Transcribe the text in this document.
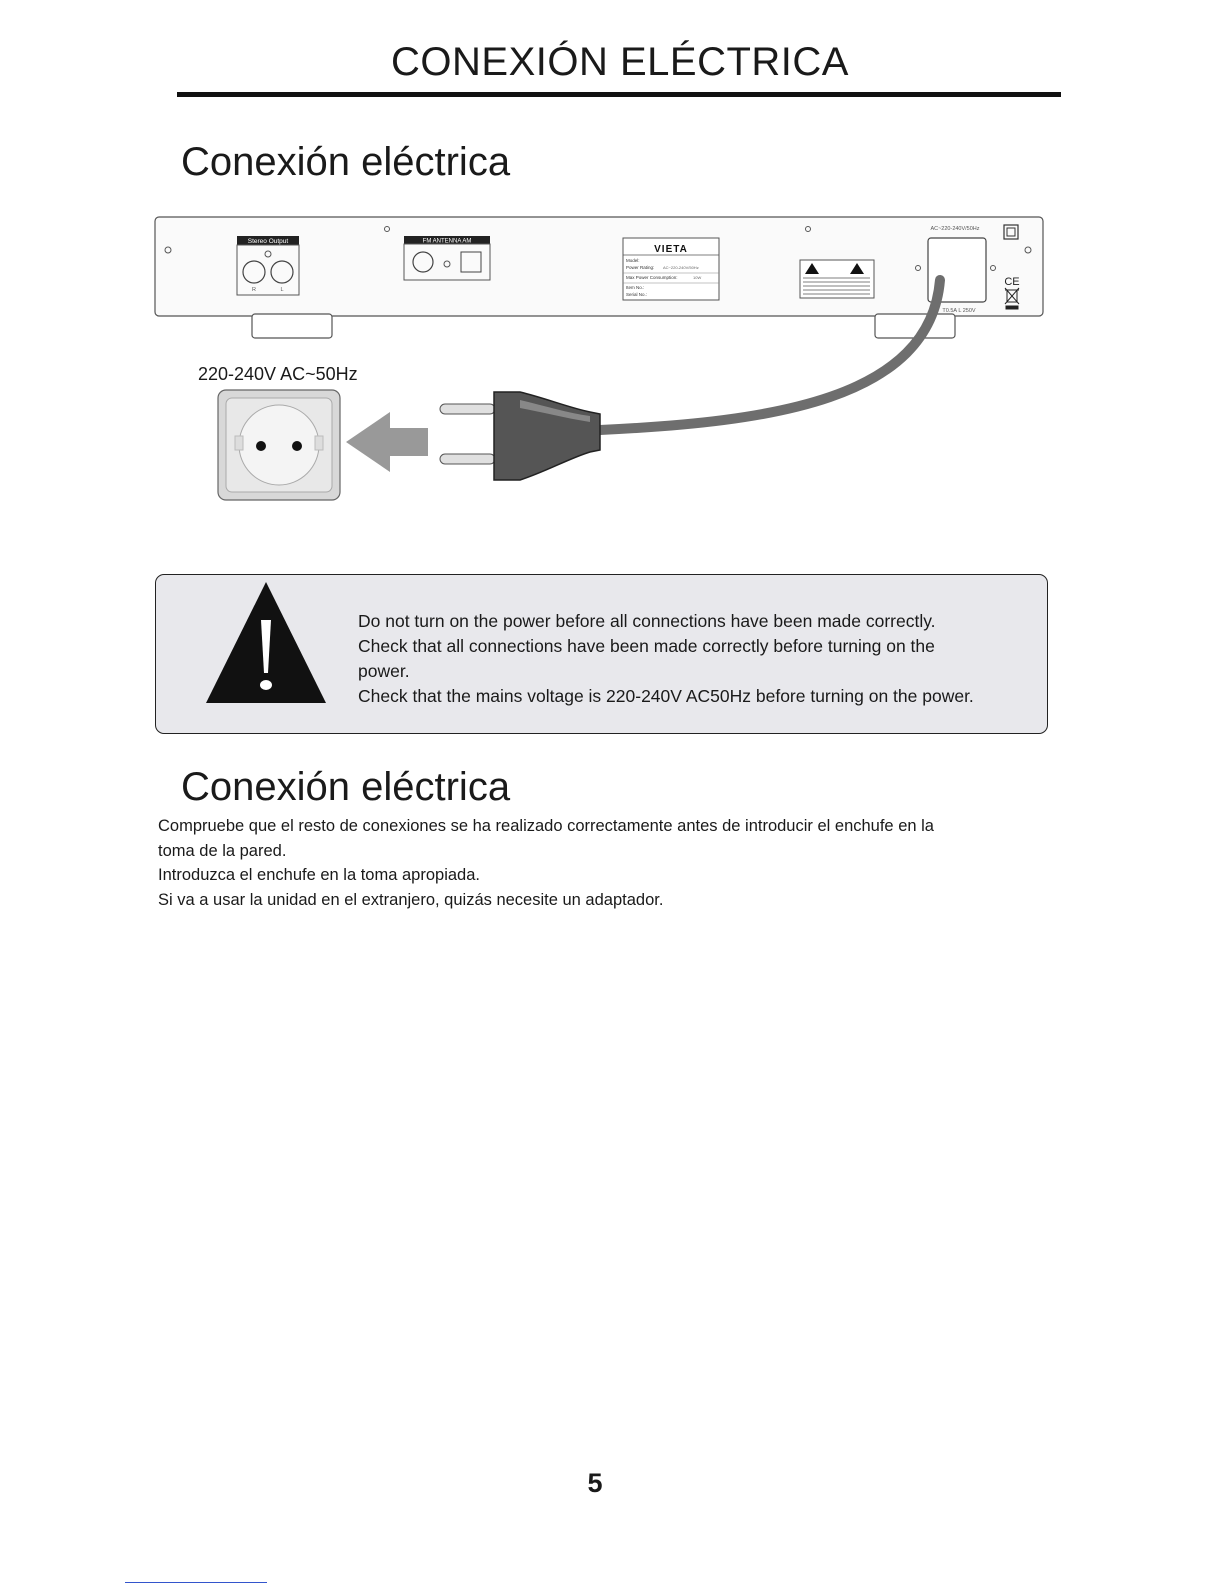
CONEXIÓN ELÉCTRICA
Conexión eléctrica
Stereo Output
R	L
FM ANTENNA AM
VIETA
Model:
Power Rating: AC~220-240V/50Hz
Max Power Consumption:	10W
Item No.:
Serial No.:
AC~220-240V/50Hz
CE
T0.5A L 250V
220-240V AC~50Hz
Do not turn on the power before all connections have been made correctly.
Check that all connections have been made correctly before turning on the
power.
Check that the mains voltage is 220-240V AC50Hz before turning on the power.
Conexión eléctrica
Compruebe que el resto de conexiones se ha realizado correctamente antes de introducir el enchufe en la
toma de la pared.
Introduzca el enchufe en la toma apropiada.
Si va a usar la unidad en el extranjero, quizás necesite un adaptador.
5
